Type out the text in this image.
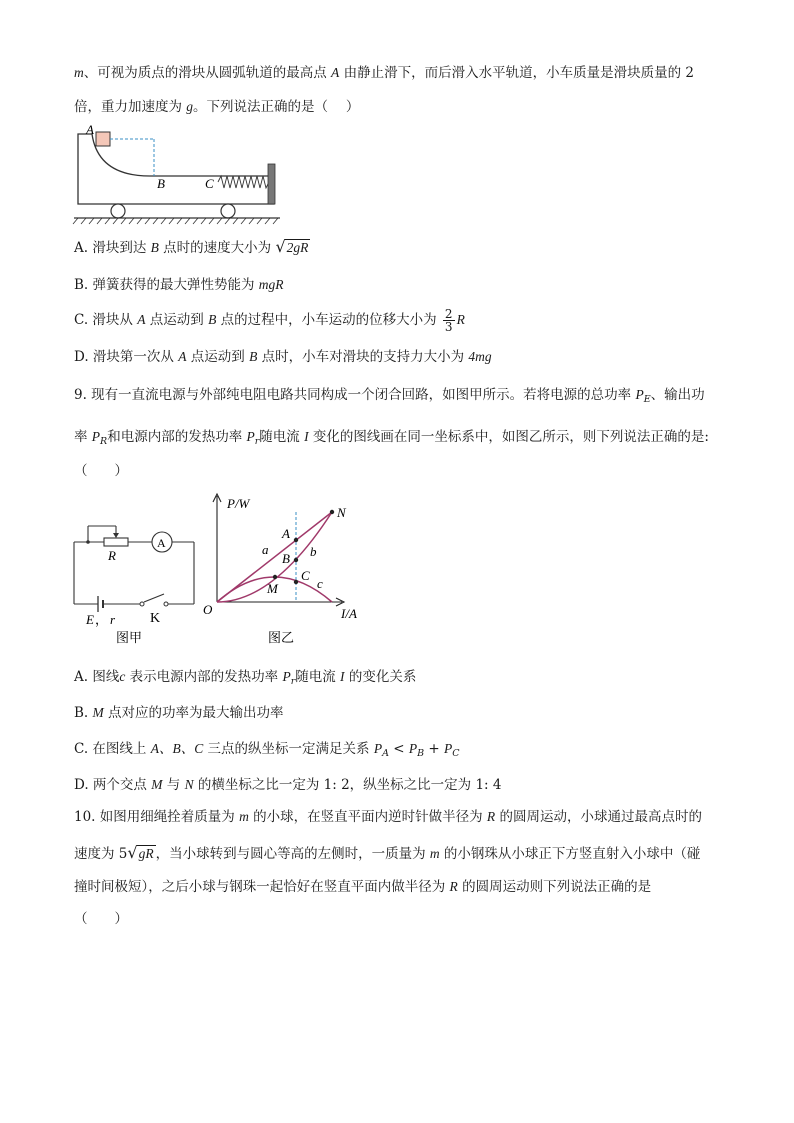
m、可视为质点的滑块从圆弧轨道的最高点 A 由静止滑下，而后滑入水平轨道，小车质量是滑块质量的 2
倍，重力加速度为 g。下列说法正确的是（　 ）
A
B	C
A. 滑块到达 B 点时的速度大小为 √2gR
B. 弹簧获得的最大弹性势能为 mgR
C. 滑块从 A 点运动到 B 点的过程中，小车运动的位移大小为 $\frac{2}{3}$ R
D. 滑块第一次从 A 点运动到 B 点时，小车对滑块的支持力大小为 4mg
9. 现有一直流电源与外部纯电阻电路共同构成一个闭合回路，如图甲所示。若将电源的总功率 $P_E$、输出功
率 $P_R$和电源内部的发热功率 $P_r$随电流 I 变化的图线画在同一坐标系中，如图乙所示，则下列说法正确的是:
（　　）
R
A
E ， r K
图甲
P/W
I/A
O
A
B
C
M
N
a	b
c
图乙
A. 图线c 表示电源内部的发热功率 $P_r$随电流 I 的变化关系
B. M 点对应的功率为最大输出功率
C. 在图线上 A、B、C 三点的纵坐标一定满足关系 $P_A < P_B + P_C$
D. 两个交点 M 与 N 的横坐标之比一定为 1: 2，纵坐标之比一定为 1: 4
10. 如图用细绳拴着质量为 m 的小球，在竖直平面内逆时针做半径为 R 的圆周运动，小球通过最高点时的
速度为 5√gR ，当小球转到与圆心等高的左侧时，一质量为 m 的小钢珠从小球正下方竖直射入小球中（碰
撞时间极短），之后小球与钢珠一起恰好在竖直平面内做半径为 R 的圆周运动则下列说法正确的是
（　　）
